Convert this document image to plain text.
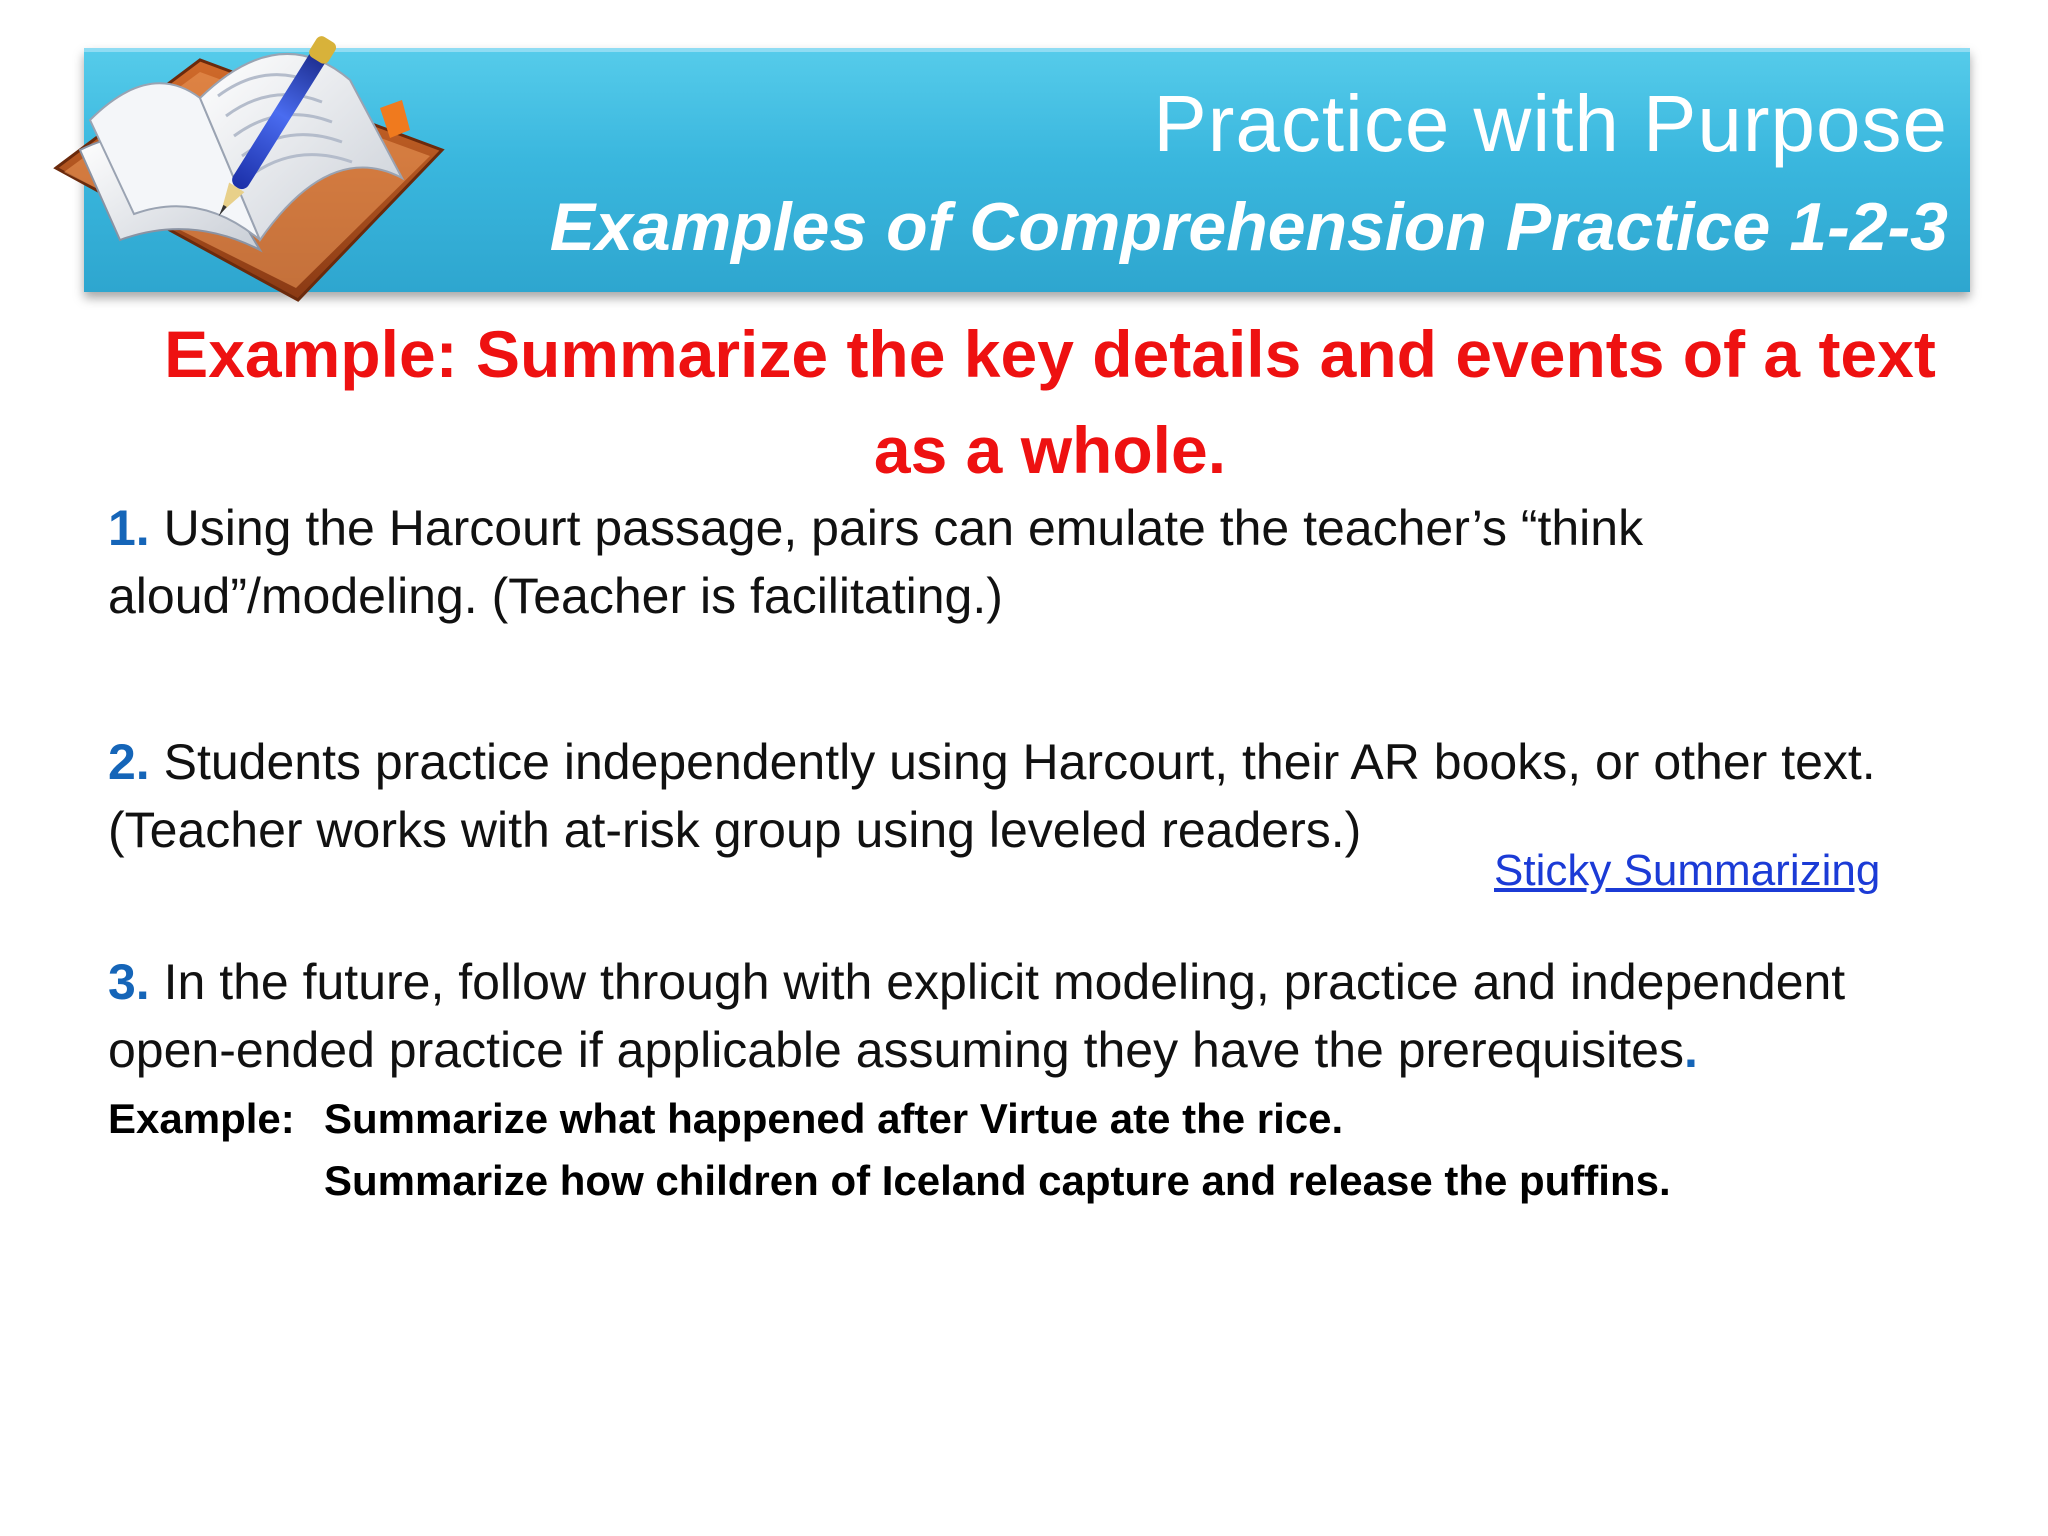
Practice with Purpose
Examples of Comprehension Practice 1-2-3
Example: Summarize the key details and events of a text
as a whole.
1. Using the Harcourt passage, pairs can emulate the teacher’s “think
aloud”/modeling. (Teacher is facilitating.)
2. Students practice independently using Harcourt, their AR books, or other text.
(Teacher works with at-risk group using leveled readers.)
Sticky Summarizing
3. In the future, follow through with explicit modeling, practice and independent
open-ended practice if applicable assuming they have the prerequisites.
Example: Summarize what happened after Virtue ate the rice.
Summarize how children of Iceland capture and release the puffins.
